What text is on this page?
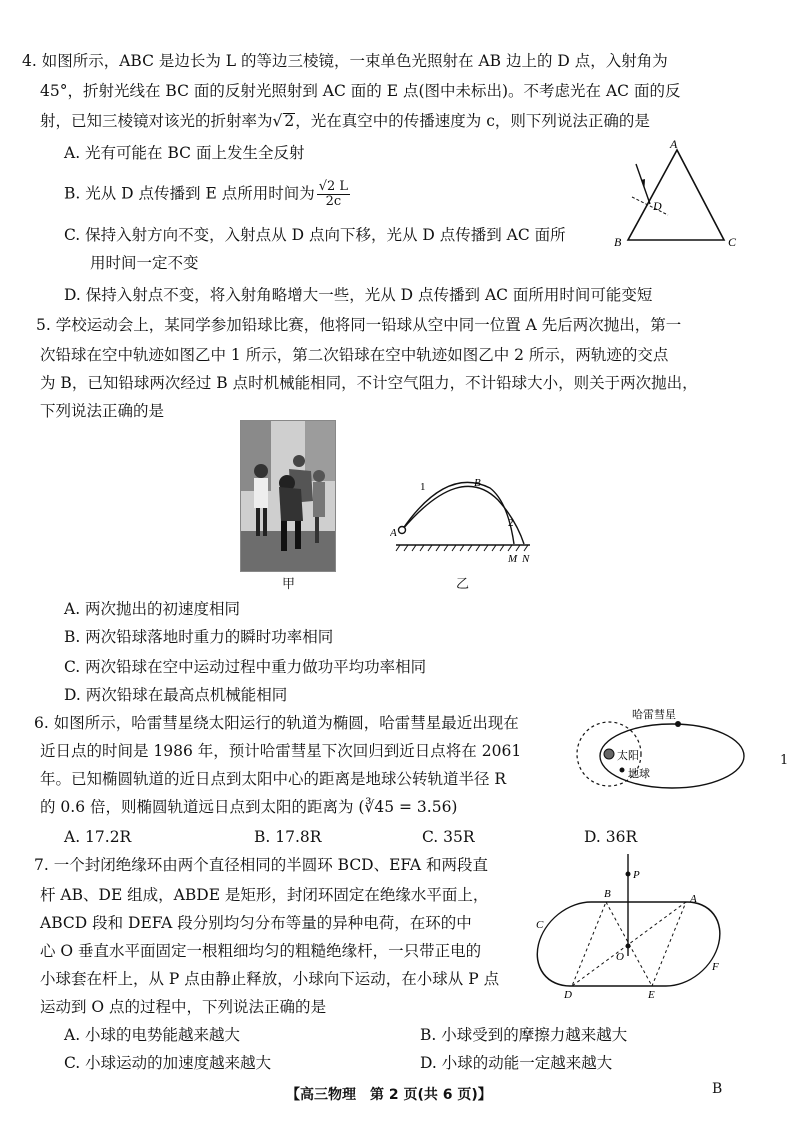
4. 如图所示，ABC 是边长为 L 的等边三棱镜，一束单色光照射在 AB 边上的 D 点，入射角为
45°，折射光线在 BC 面的反射光照射到 AC 面的 E 点(图中未标出)。不考虑光在 AC 面的反
射，已知三棱镜对该光的折射率为√ 2，光在真空中的传播速度为 c，则下列说法正确的是
A. 光有可能在 BC 面上发生全反射
B. 光从 D 点传播到 E 点所用时间为 $\frac{√2 L}{2c}$
C. 保持入射方向不变，入射点从 D 点向下移，光从 D 点传播到 AC 面所
用时间一定不变
D. 保持入射点不变，将入射角略增大一些，光从 D 点传播到 AC 面所用时间可能变短
A
B	C
D
5. 学校运动会上，某同学参加铅球比赛，他将同一铅球从空中同一位置 A 先后两次抛出，第一
次铅球在空中轨迹如图乙中 1 所示，第二次铅球在空中轨迹如图乙中 2 所示，两轨迹的交点
为 B，已知铅球两次经过 B 点时机械能相同，不计空气阻力，不计铅球大小，则关于两次抛出，
下列说法正确的是
甲
A
B
1
2
M N
乙
A. 两次抛出的初速度相同
B. 两次铅球落地时重力的瞬时功率相同
C. 两次铅球在空中运动过程中重力做功平均功率相同
D. 两次铅球在最高点机械能相同
6. 如图所示，哈雷彗星绕太阳运行的轨道为椭圆，哈雷彗星最近出现在
近日点的时间是 1986 年，预计哈雷彗星下次回归到近日点将在 2061
年。已知椭圆轨道的近日点到太阳中心的距离是地球公转轨道半径 R
的 0.6 倍，则椭圆轨道远日点到太阳的距离为 (∛45 = 3.56)
A. 17.2R	B. 17.8R	C. 35R	D. 36R
哈雷彗星
太阳
地球
1
7. 一个封闭绝缘环由两个直径相同的半圆环 BCD、EFA 和两段直
杆 AB、DE 组成，ABDE 是矩形，封闭环固定在绝缘水平面上，
ABCD 段和 DEFA 段分别均匀分布等量的异种电荷，在环的中
心 O 垂直水平面固定一根粗细均匀的粗糙绝缘杆，一只带正电的
小球套在杆上，从 P 点由静止释放，小球向下运动，在小球从 P 点
运动到 O 点的过程中，下列说法正确的是
A. 小球的电势能越来越大	B. 小球受到的摩擦力越来越大
C. 小球运动的加速度越来越大	D. 小球的动能一定越来越大
P
B	A
C
O
F
D	E
【高三物理　第 2 页(共 6 页)】	B
